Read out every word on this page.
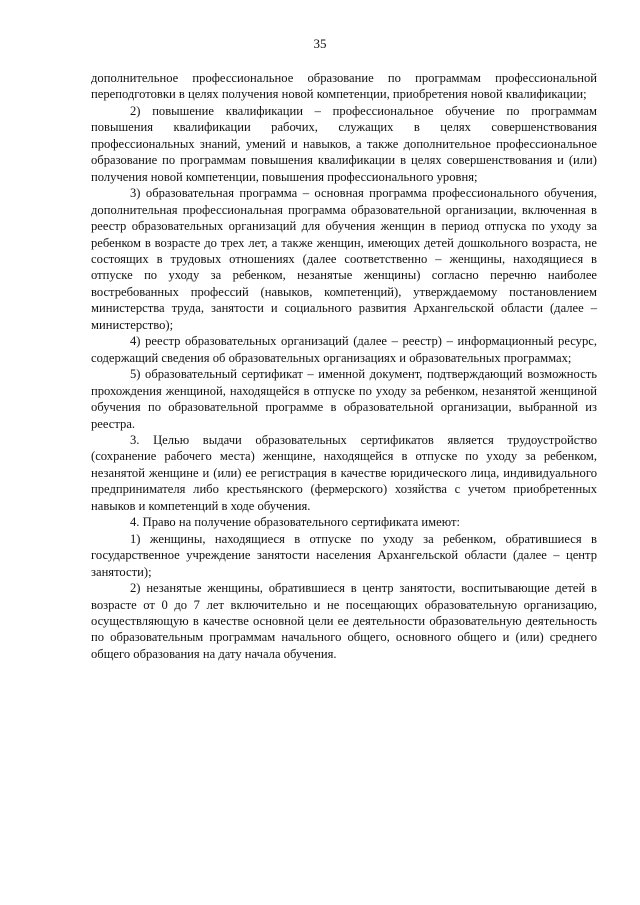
35

дополнительное профессиональное образование по программам профессиональной переподготовки в целях получения новой компетенции, приобретения новой квалификации;

2) повышение квалификации – профессиональное обучение по программам повышения квалификации рабочих, служащих в целях совершенствования профессиональных знаний, умений и навыков, а также дополнительное профессиональное образование по программам повышения квалификации в целях совершенствования и (или) получения новой компетенции, повышения профессионального уровня;

3) образовательная программа – основная программа профессионального обучения, дополнительная профессиональная программа образовательной организации, включенная в реестр образовательных организаций для обучения женщин в период отпуска по уходу за ребенком в возрасте до трех лет, а также женщин, имеющих детей дошкольного возраста, не состоящих в трудовых отношениях (далее соответственно – женщины, находящиеся в отпуске по уходу за ребенком, незанятые женщины) согласно перечню наиболее востребованных профессий (навыков, компетенций), утверждаемому постановлением министерства труда, занятости и социального развития Архангельской области (далее – министерство);

4) реестр образовательных организаций (далее – реестр) – информационный ресурс, содержащий сведения об образовательных организациях и образовательных программах;

5) образовательный сертификат – именной документ, подтверждающий возможность прохождения женщиной, находящейся в отпуске по уходу за ребенком, незанятой женщиной обучения по образовательной программе в образовательной организации, выбранной из реестра.

3. Целью выдачи образовательных сертификатов является трудоустройство (сохранение рабочего места) женщине, находящейся в отпуске по уходу за ребенком, незанятой женщине и (или) ее регистрация в качестве юридического лица, индивидуального предпринимателя либо крестьянского (фермерского) хозяйства с учетом приобретенных навыков и компетенций в ходе обучения.

4. Право на получение образовательного сертификата имеют:

1) женщины, находящиеся в отпуске по уходу за ребенком, обратившиеся в государственное учреждение занятости населения Архангельской области (далее – центр занятости);

2) незанятые женщины, обратившиеся в центр занятости, воспитывающие детей в возрасте от 0 до 7 лет включительно и не посещающих образовательную организацию, осуществляющую в качестве основной цели ее деятельности образовательную деятельность по образовательным программам начального общего, основного общего и (или) среднего общего образования на дату начала обучения.
